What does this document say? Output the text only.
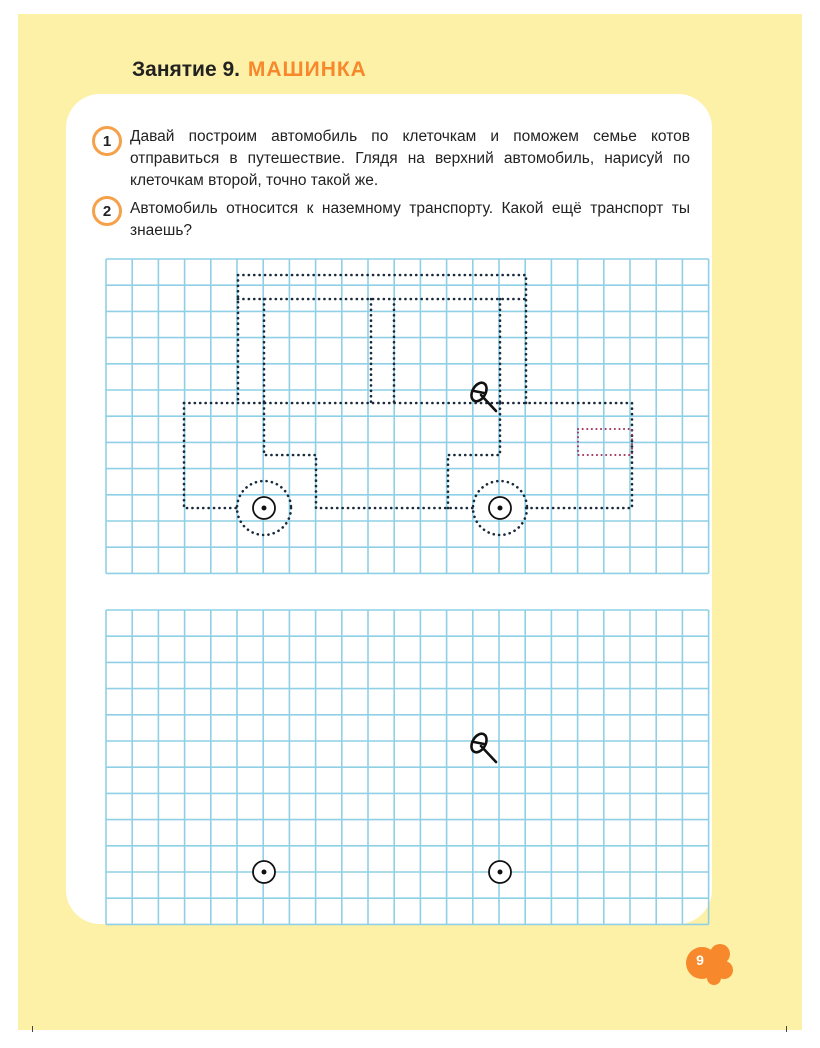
Занятие 9. МАШИНКА
1	Давай построим автомобиль по клеточкам и поможем семье котов отправиться в путешествие. Глядя на верхний автомобиль, нарисуй по клеточкам второй, точно такой же.
2	Автомобиль относится к наземному транспорту. Какой ещё транспорт ты знаешь?
9
